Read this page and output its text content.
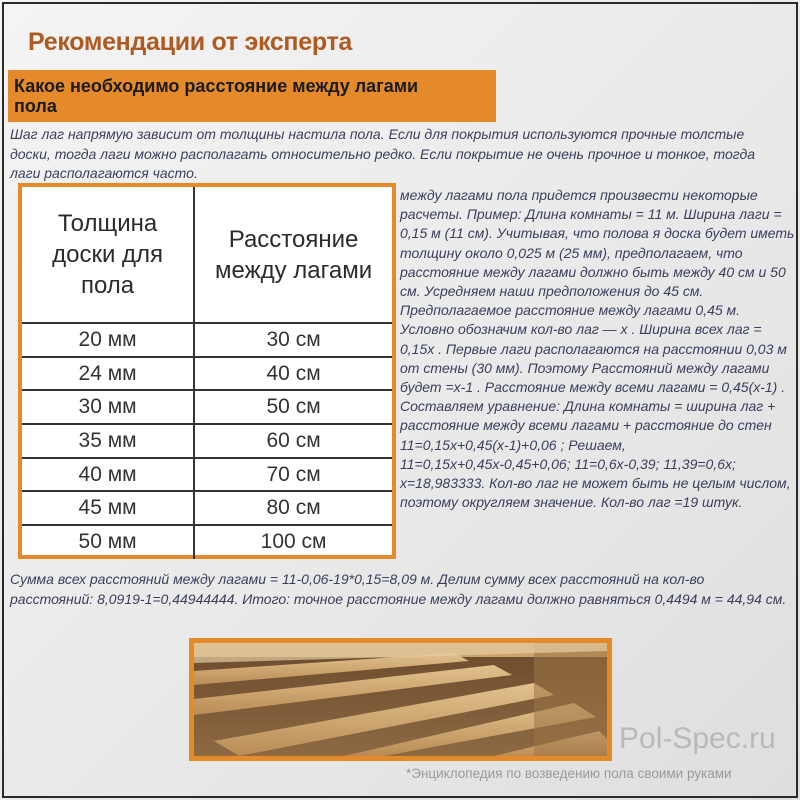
Рекомендации от эксперта
Какое необходимо расстояние между лагами пола
Шаг лаг напрямую зависит от толщины настила пола. Если для покрытия используются прочные толстые доски, тогда лаги можно располагать относительно редко. Если покрытие не очень прочное и тонкое, тогда лаги располагаются часто.
Толщина доски для пола	Расстояние между лагами
20 мм	30 см
24 мм	40 см
30 мм	50 см
35 мм	60 см
40 мм	70 см
45 мм	80 см
50 мм	100 см
между лагами пола придется произвести некоторые расчеты. Пример: Длина комнаты = 11 м. Ширина лаги = 0,15 м (11 см). Учитывая, что полова я доска будет иметь толщину около 0,025 м (25 мм), предполагаем, что расстояние между лагами должно быть между 40 см и 50 см. Усредняем наши предположения до 45 см. Предполагаемое расстояние между лагами 0,45 м. Условно обозначим кол-во лаг — х . Ширина всех лаг = 0,15х . Первые лаги располагаются на расстоянии 0,03 м от стены (30 мм). Поэтому Расстояний между лагами будет =х-1 . Расстояние между всеми лагами = 0,45(х-1) . Составляем уравнение: Длина комнаты = ширина лаг + расстояние между всеми лагами + расстояние до стен 11=0,15х+0,45(х-1)+0,06 ; Решаем, 11=0,15х+0,45х-0,45+0,06; 11=0,6х-0,39; 11,39=0,6х; х=18,983333. Кол-во лаг не может быть не целым числом, поэтому округляем значение. Кол-во лаг =19 штук.
Сумма всех расстояний между лагами = 11-0,06-19*0,15=8,09 м. Делим сумму всех расстояний на кол-во расстояний: 8,0919-1=0,44944444. Итого: точное расстояние между лагами должно равняться 0,4494 м = 44,94 см.
Pol-Spec.ru
*Энциклопедия по возведению пола своими руками
